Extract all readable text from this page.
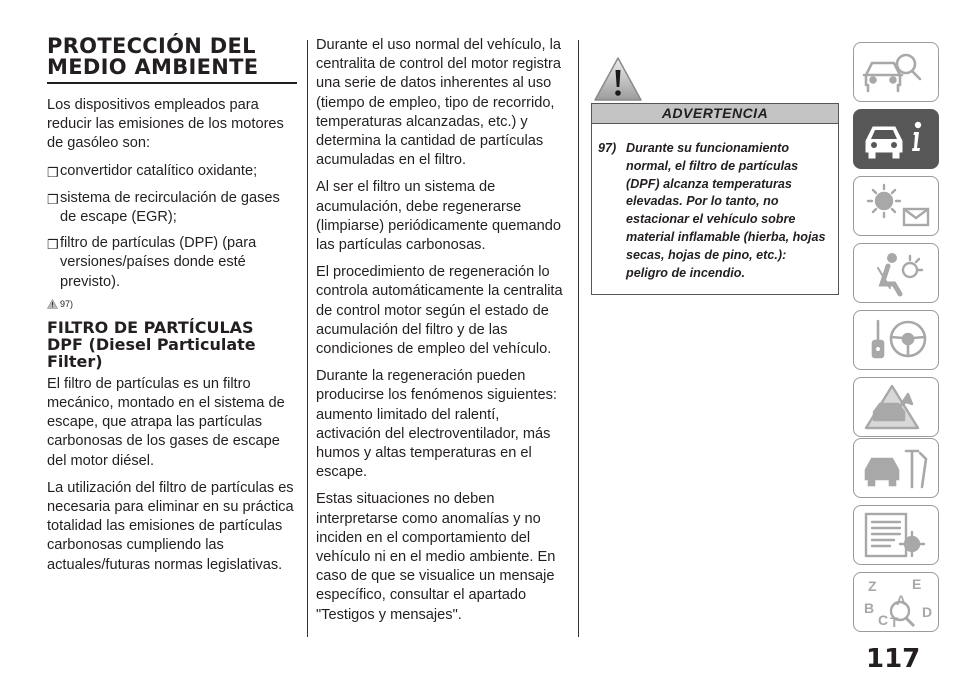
PROTECCIÓN DEL
MEDIO AMBIENTE

Los dispositivos empleados para reducir las emisiones de los motores de gasóleo son:

❒ convertidor catalítico oxidante;
❒ sistema de recirculación de gases de escape (EGR);
❒ filtro de partículas (DPF) (para versiones/países donde esté previsto).
97)
FILTRO DE PARTÍCULAS
DPF (Diesel Particulate
Filter)

El filtro de partículas es un filtro mecánico, montado en el sistema de escape, que atrapa las partículas carbonosas de los gases de escape del motor diésel.

La utilización del filtro de partículas es necesaria para eliminar en su práctica totalidad las emisiones de partículas carbonosas cumpliendo las actuales/futuras normas legislativas.

Durante el uso normal del vehículo, la centralita de control del motor registra una serie de datos inherentes al uso (tiempo de empleo, tipo de recorrido, temperaturas alcanzadas, etc.) y determina la cantidad de partículas acumuladas en el filtro.

Al ser el filtro un sistema de acumulación, debe regenerarse (limpiarse) periódicamente quemando las partículas carbonosas.

El procedimiento de regeneración lo controla automáticamente la centralita de control motor según el estado de acumulación del filtro y de las condiciones de empleo del vehículo.

Durante la regeneración pueden producirse los fenómenos siguientes: aumento limitado del ralentí, activación del electroventilador, más humos y altas temperaturas en el escape.

Estas situaciones no deben interpretarse como anomalías y no inciden en el comportamiento del vehículo ni en el medio ambiente. En caso de que se visualice un mensaje específico, consultar el apartado "Testigos y mensajes".

ADVERTENCIA
97) Durante su funcionamiento normal, el filtro de partículas (DPF) alcanza temperaturas elevadas. Por lo tanto, no estacionar el vehículo sobre material inflamable (hierba, hojas secas, hojas de pino, etc.): peligro de incendio.
Z	E
A
B	D
C T
117
